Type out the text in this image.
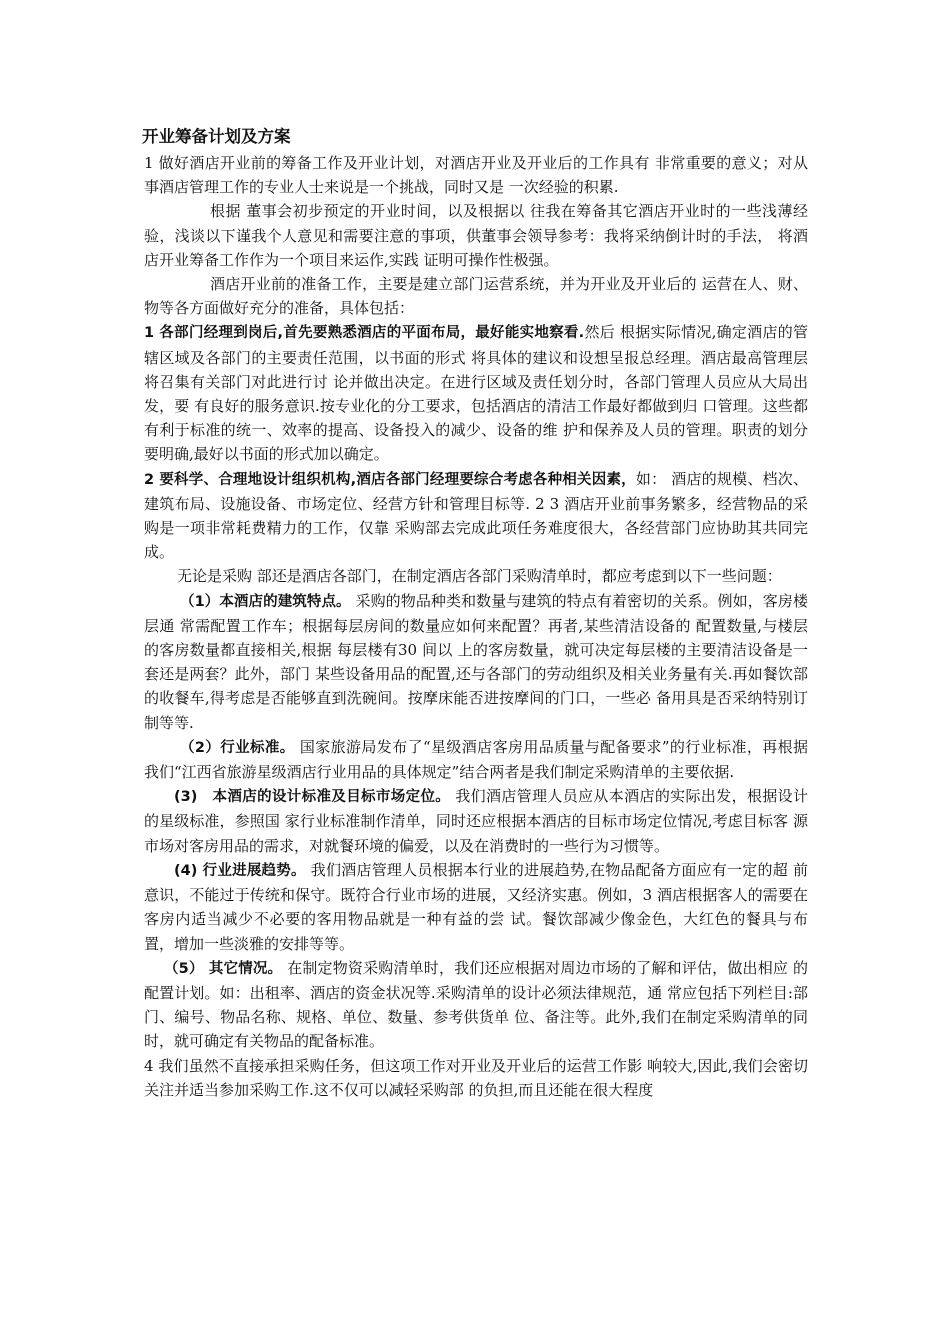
开业筹备计划及方案

1 做好酒店开业前的筹备工作及开业计划，对酒店开业及开业后的工作具有 非常重要的意义；对从事酒店管理工作的专业人士来说是一个挑战，同时又是 一次经验的积累.

根据 董事会初步预定的开业时间，以及根据以 往我在筹备其它酒店开业时的一些浅薄经验，浅谈以下谨我个人意见和需要注意的事项，供董事会领导参考：我将采纳倒计时的手法， 将酒店开业筹备工作作为一个项目来运作,实践 证明可操作性极强。

酒店开业前的准备工作，主要是建立部门运营系统，并为开业及开业后的 运营在人、财、物等各方面做好充分的准备，具体包括：

1 各部门经理到岗后,首先要熟悉酒店的平面布局，最好能实地察看.然后 根据实际情况,确定酒店的管辖区域及各部门的主要责任范围，以书面的形式 将具体的建议和设想呈报总经理。酒店最高管理层将召集有关部门对此进行讨 论并做出决定。在进行区域及责任划分时，各部门管理人员应从大局出发，要 有良好的服务意识.按专业化的分工要求，包括酒店的清洁工作最好都做到归 口管理。这些都有利于标准的统一、效率的提高、设备投入的减少、设备的维 护和保养及人员的管理。职责的划分要明确,最好以书面的形式加以确定。

2 要科学、合理地设计组织机构,酒店各部门经理要综合考虑各种相关因素，如： 酒店的规模、档次、建筑布局、设施设备、市场定位、经营方针和管理目标等. 2 3 酒店开业前事务繁多，经营物品的采购是一项非常耗费精力的工作，仅靠 采购部去完成此项任务难度很大，各经营部门应协助其共同完成。

无论是采购 部还是酒店各部门，在制定酒店各部门采购清单时，都应考虑到以下一些问题：

（1）本酒店的建筑特点。 采购的物品种类和数量与建筑的特点有着密切的关系。例如，客房楼层通 常需配置工作车；根据每层房间的数量应如何来配置？再者,某些清洁设备的 配置数量,与楼层的客房数量都直接相关,根据 每层楼有30 间以 上的客房数量，就可决定每层楼的主要清洁设备是一套还是两套？此外，部门 某些设备用品的配置,还与各部门的劳动组织及相关业务量有关.再如餐饮部 的收餐车,得考虑是否能够直到洗碗间。按摩床能否进按摩间的门口，一些必 备用具是否采纳特别订制等等.

（2）行业标准。 国家旅游局发布了“星级酒店客房用品质量与配备要求”的行业标准，再根据 我们“江西省旅游星级酒店行业用品的具体规定”结合两者是我们制定采购清单的主要依据.

(3)　本酒店的设计标准及目标市场定位。 我们酒店管理人员应从本酒店的实际出发，根据设计的星级标准，参照国 家行业标准制作清单，同时还应根据本酒店的目标市场定位情况,考虑目标客 源市场对客房用品的需求，对就餐环境的偏爱，以及在消费时的一些行为习惯等。

(4) 行业进展趋势。 我们酒店管理人员根据本行业的进展趋势,在物品配备方面应有一定的超 前意识，不能过于传统和保守。既符合行业市场的进展，又经济实惠。例如，3 酒店根据客人的需要在客房内适当减少不必要的客用物品就是一种有益的尝 试。餐饮部减少像金色，大红色的餐具与布置，增加一些淡雅的安排等等。

（5） 其它情况。 在制定物资采购清单时，我们还应根据对周边市场的了解和评估，做出相应 的配置计划。如：出租率、酒店的资金状况等.采购清单的设计必须法律规范，通 常应包括下列栏目:部门、编号、物品名称、规格、单位、数量、参考供货单 位、备注等。此外,我们在制定采购清单的同时，就可确定有关物品的配备标准。

4 我们虽然不直接承担采购任务，但这项工作对开业及开业后的运营工作影 响较大,因此,我们会密切关注并适当参加采购工作.这不仅可以减轻采购部 的负担,而且还能在很大程度
